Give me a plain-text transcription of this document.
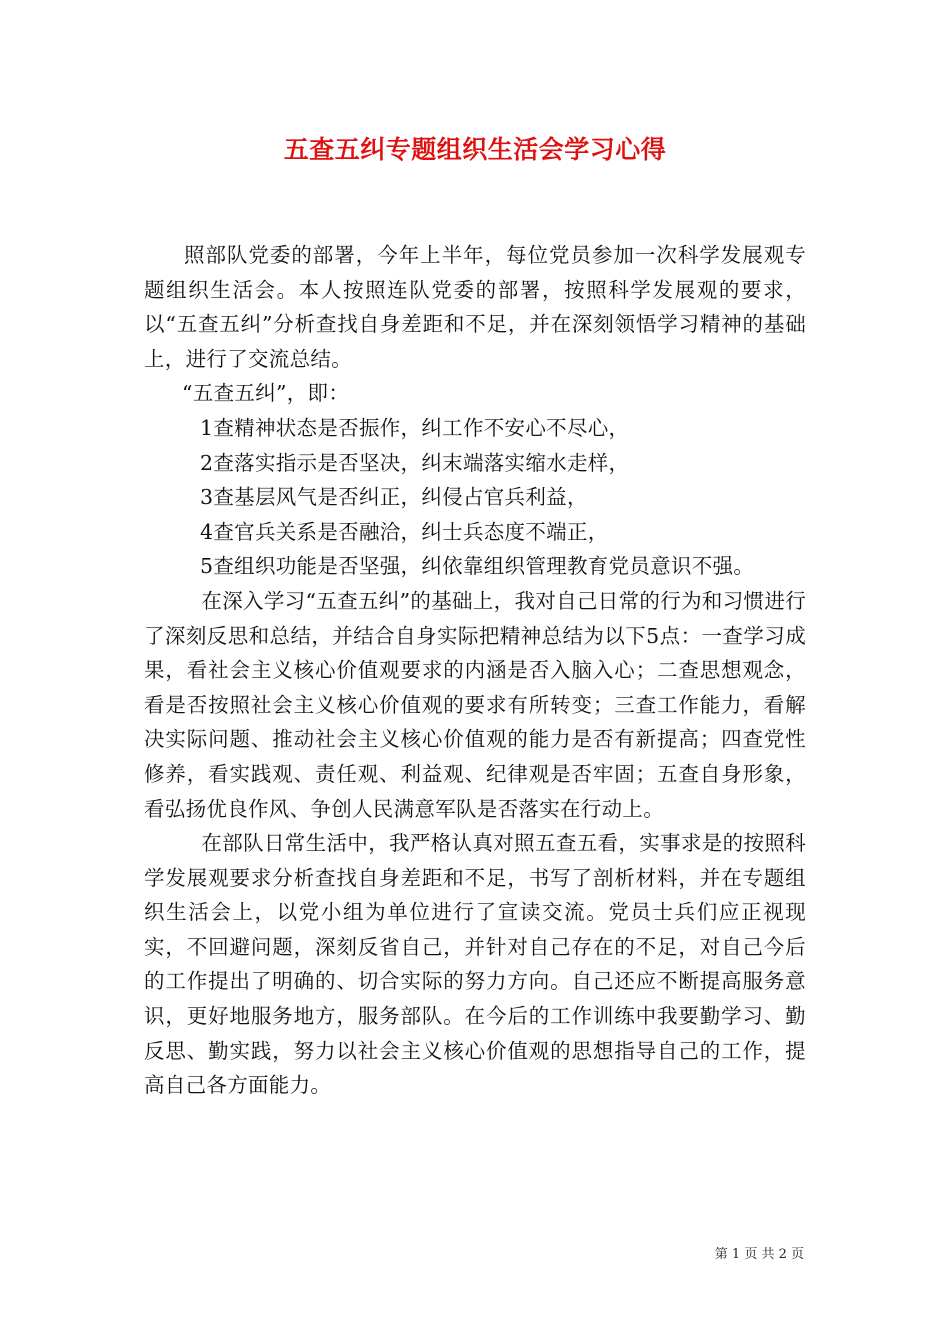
五查五纠专题组织生活会学习心得

照部队党委的部署，今年上半年，每位党员参加一次科学发展观专题组织生活会。本人按照连队党委的部署，按照科学发展观的要求，以“五查五纠”分析查找自身差距和不足，并在深刻领悟学习精神的基础上，进行了交流总结。

“五查五纠”，即：

1查精神状态是否振作，纠工作不安心不尽心，

2查落实指示是否坚决，纠末端落实缩水走样，

3查基层风气是否纠正，纠侵占官兵利益，

4查官兵关系是否融洽，纠士兵态度不端正，

5查组织功能是否坚强，纠依靠组织管理教育党员意识不强。

在深入学习“五查五纠”的基础上，我对自己日常的行为和习惯进行了深刻反思和总结，并结合自身实际把精神总结为以下5点：一查学习成果，看社会主义核心价值观要求的内涵是否入脑入心；二查思想观念，看是否按照社会主义核心价值观的要求有所转变；三查工作能力，看解决实际问题、推动社会主义核心价值观的能力是否有新提高；四查党性修养，看实践观、责任观、利益观、纪律观是否牢固；五查自身形象，看弘扬优良作风、争创人民满意军队是否落实在行动上。

在部队日常生活中，我严格认真对照五查五看，实事求是的按照科学发展观要求分析查找自身差距和不足，书写了剖析材料，并在专题组织生活会上，以党小组为单位进行了宣读交流。党员士兵们应正视现实，不回避问题，深刻反省自己，并针对自己存在的不足，对自己今后的工作提出了明确的、切合实际的努力方向。自己还应不断提高服务意识，更好地服务地方，服务部队。在今后的工作训练中我要勤学习、勤反思、勤实践，努力以社会主义核心价值观的思想指导自己的工作，提高自己各方面能力。

第 1 页 共 2 页
